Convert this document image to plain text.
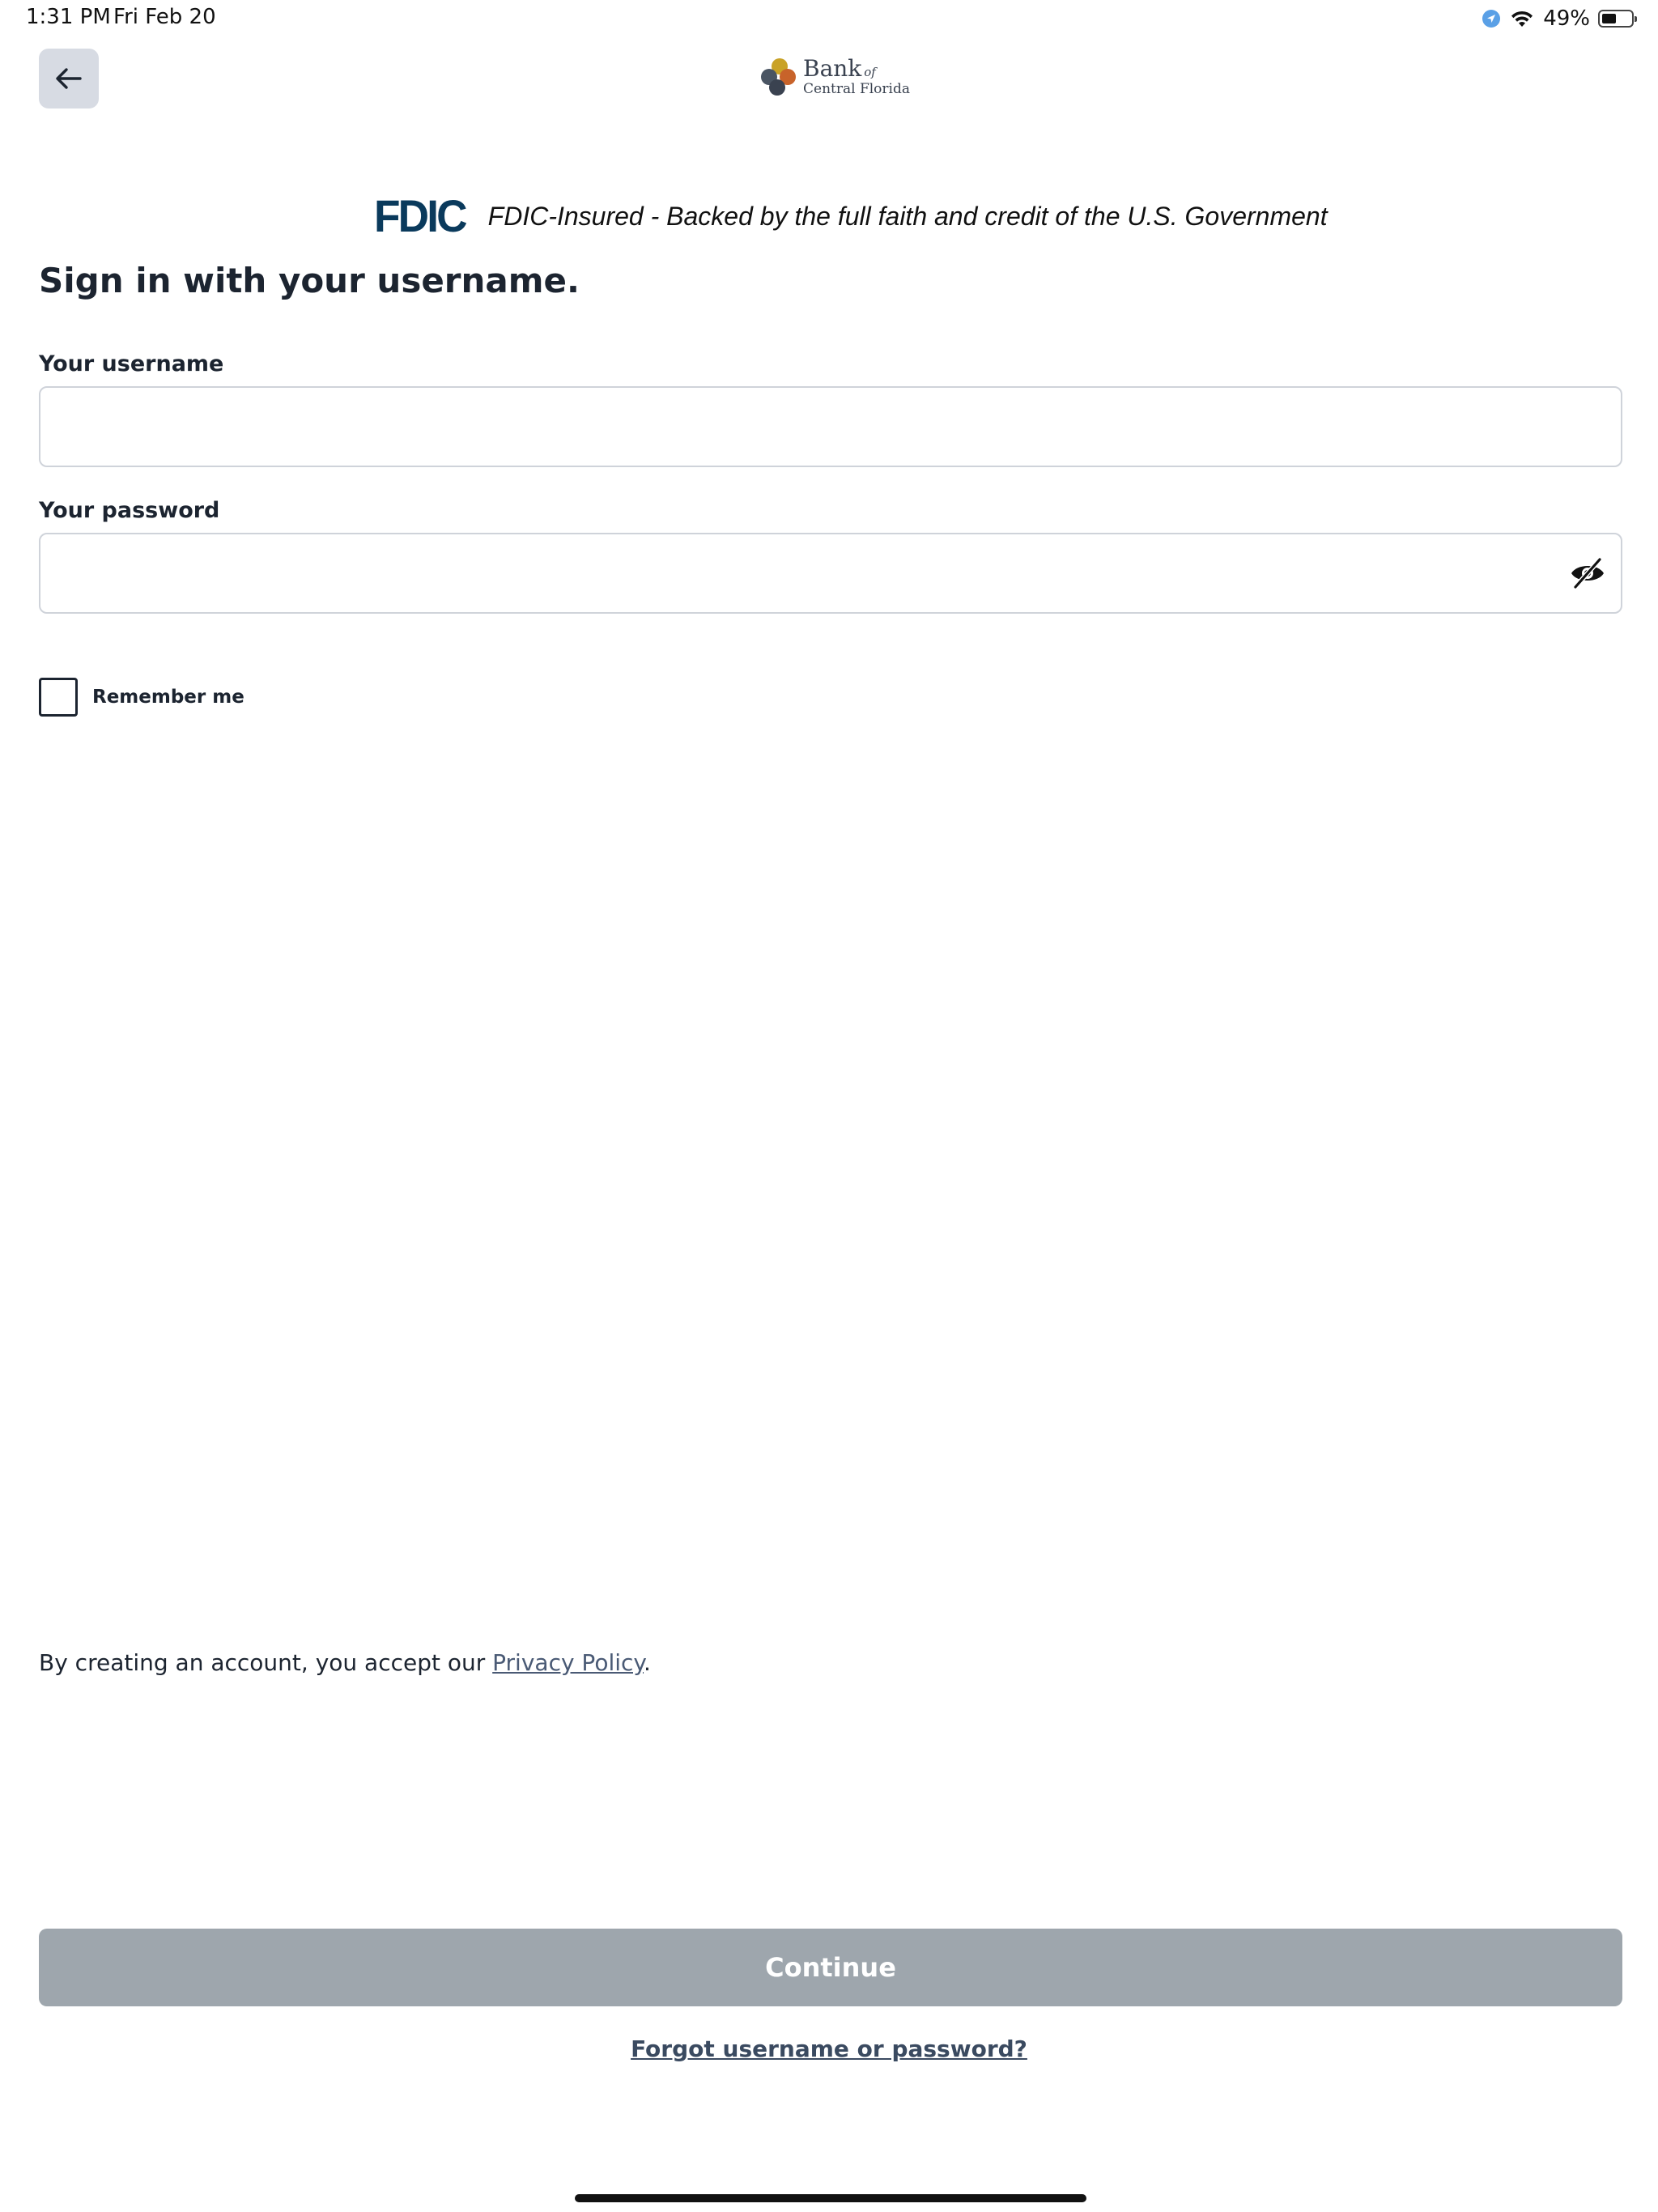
1:31 PM Fri Feb 20	49%
Bank of
Central Florida
FDIC FDIC-Insured - Backed by the full faith and credit of the U.S. Government
Sign in with your username.
Your username
Your password
Remember me
By creating an account, you accept our Privacy Policy.
Continue
Forgot username or password?
